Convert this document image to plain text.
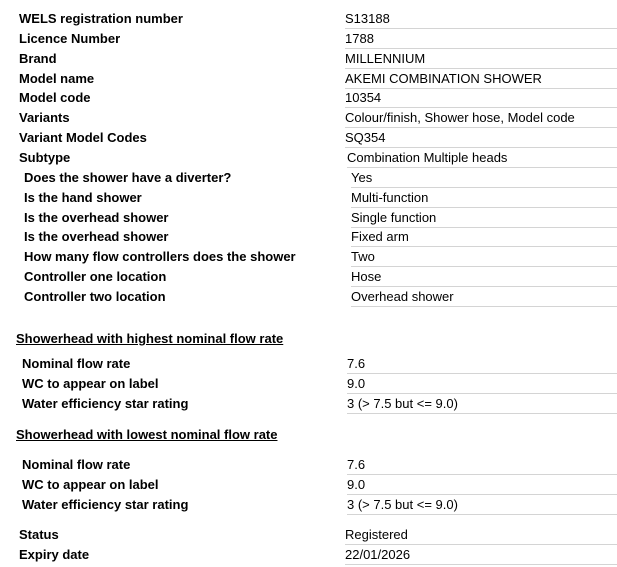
WELS registration number	S13188
Licence Number	1788
Brand	MILLENNIUM
Model name	AKEMI COMBINATION SHOWER
Model code	10354
Variants	Colour/finish, Shower hose, Model code
Variant Model Codes	SQ354
Subtype	Combination Multiple heads
Does the shower have a diverter?	Yes
Is the hand shower	Multi-function
Is the overhead shower	Single function
Is the overhead shower	Fixed arm
How many flow controllers does the shower	Two
Controller one location	Hose
Controller two location	Overhead shower
Showerhead with highest nominal flow rate
Nominal flow rate	7.6
WC to appear on label	9.0
Water efficiency star rating	3 (> 7.5 but <= 9.0)
Showerhead with lowest nominal flow rate
Nominal flow rate	7.6
WC to appear on label	9.0
Water efficiency star rating	3 (> 7.5 but <= 9.0)
Status	Registered
Expiry date	22/01/2026
